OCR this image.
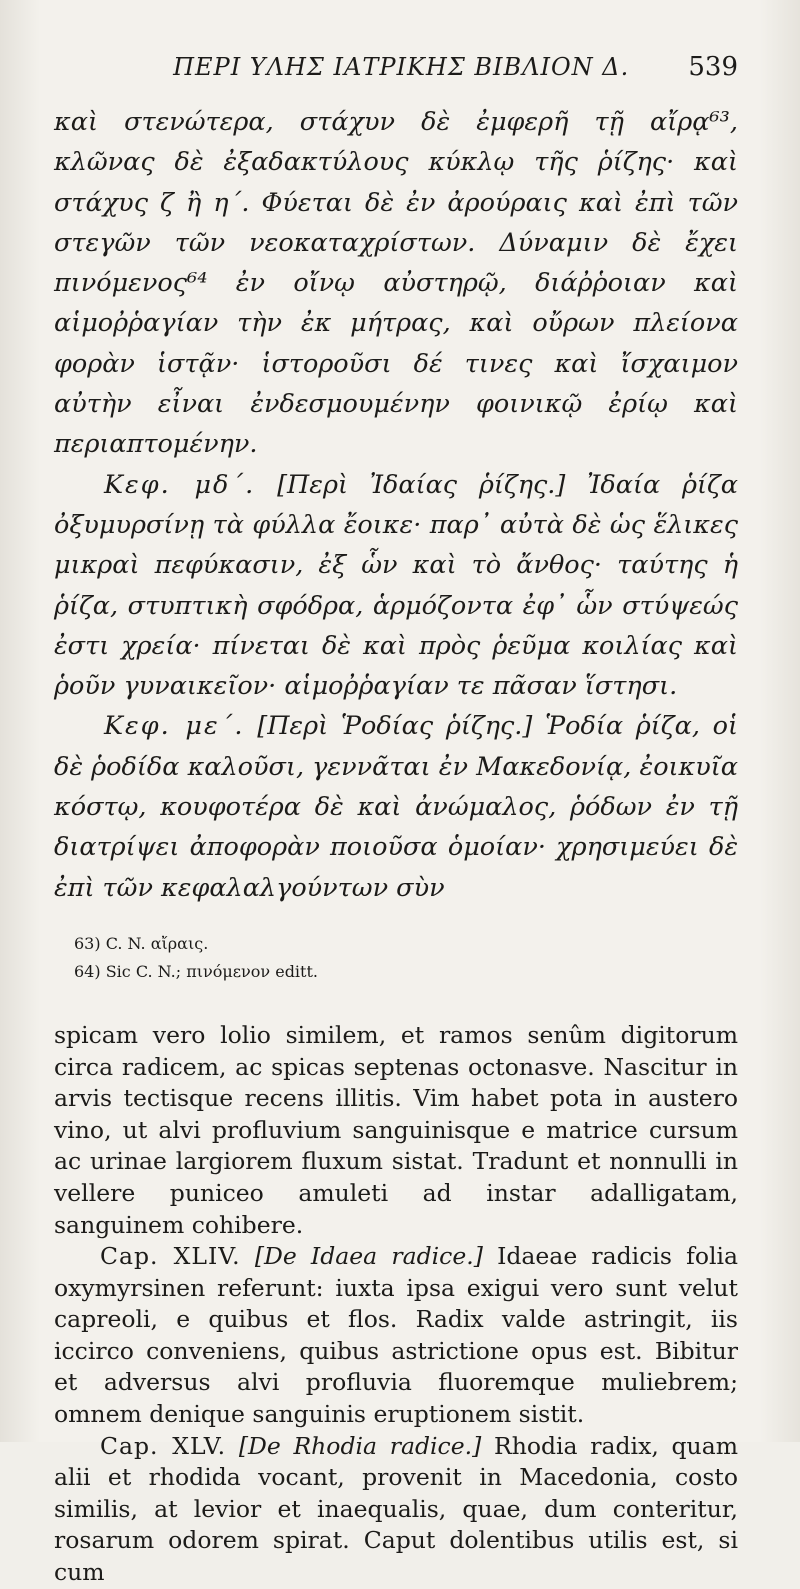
ΠΕΡΙ ΥΛΗΣ ΙΑΤΡΙΚΗΣ ΒΙΒΛΙΟΝ Δ.	539

καὶ στενώτερα, στάχυν δὲ ἐμφερῆ τῇ αἴρᾳ⁶³, κλῶνας δὲ ἐξαδακτύλους κύκλῳ τῆς ῥίζης· καὶ στάχυς ζ ἢ η΄. Φύεται δὲ ἐν ἀρούραις καὶ ἐπὶ τῶν στεγῶν τῶν νεοκαταχρίστων. Δύναμιν δὲ ἔχει πινόμενος⁶⁴ ἐν οἴνῳ αὐστηρῷ, διάῤῥοιαν καὶ αἱμοῤῥαγίαν τὴν ἐκ μήτρας, καὶ οὔρων πλείονα φορὰν ἱστᾷν· ἱστοροῦσι δέ τινες καὶ ἴσχαιμον αὐτὴν εἶναι ἐνδεσμουμένην φοινικῷ ἐρίῳ καὶ περιαπτομένην.

Κεφ. μδ΄. [Περὶ Ἰδαίας ῥίζης.] Ἰδαία ῥίζα ὀξυμυρσίνῃ τὰ φύλλα ἔοικε· παρ᾽ αὐτὰ δὲ ὡς ἕλικες μικραὶ πεφύκασιν, ἐξ ὧν καὶ τὸ ἄνθος· ταύτης ἡ ῥίζα, στυπτικὴ σφόδρα, ἁρμόζοντα ἐφ᾽ ὧν στύψεώς ἐστι χρεία· πίνεται δὲ καὶ πρὸς ῥεῦμα κοιλίας καὶ ῥοῦν γυναικεῖον· αἱμοῤῥαγίαν τε πᾶσαν ἵστησι.

Κεφ. με΄. [Περὶ Ῥοδίας ῥίζης.] Ῥοδία ῥίζα, οἱ δὲ ῥοδίδα καλοῦσι, γεννᾶται ἐν Μακεδονίᾳ, ἐοικυῖα κόστῳ, κουφοτέρα δὲ καὶ ἀνώμαλος, ῥόδων ἐν τῇ διατρίψει ἀποφορὰν ποιοῦσα ὁμοίαν· χρησιμεύει δὲ ἐπὶ τῶν κεφαλαλγούντων σὺν

63) C. N. αἴραις.
64) Sic C. N.; πινόμενον editt.

spicam vero lolio similem, et ramos senûm digitorum circa radicem, ac spicas septenas octonasve. Nascitur in arvis tectisque recens illitis. Vim habet pota in austero vino, ut alvi profluvium sanguinisque e matrice cursum ac urinae largiorem fluxum sistat. Tradunt et nonnulli in vellere puniceo amuleti ad instar adalligatam, sanguinem cohibere.

Cap. XLIV. [De Idaea radice.] Idaeae radicis folia oxymyrsinen referunt: iuxta ipsa exigui vero sunt velut capreoli, e quibus et flos. Radix valde astringit, iis iccirco conveniens, quibus astrictione opus est. Bibitur et adversus alvi profluvia fluoremque muliebrem; omnem denique sanguinis eruptionem sistit.

Cap. XLV. [De Rhodia radice.] Rhodia radix, quam alii et rhodida vocant, provenit in Macedonia, costo similis, at levior et inaequalis, quae, dum conteritur, rosarum odorem spirat. Caput dolentibus utilis est, si cum
